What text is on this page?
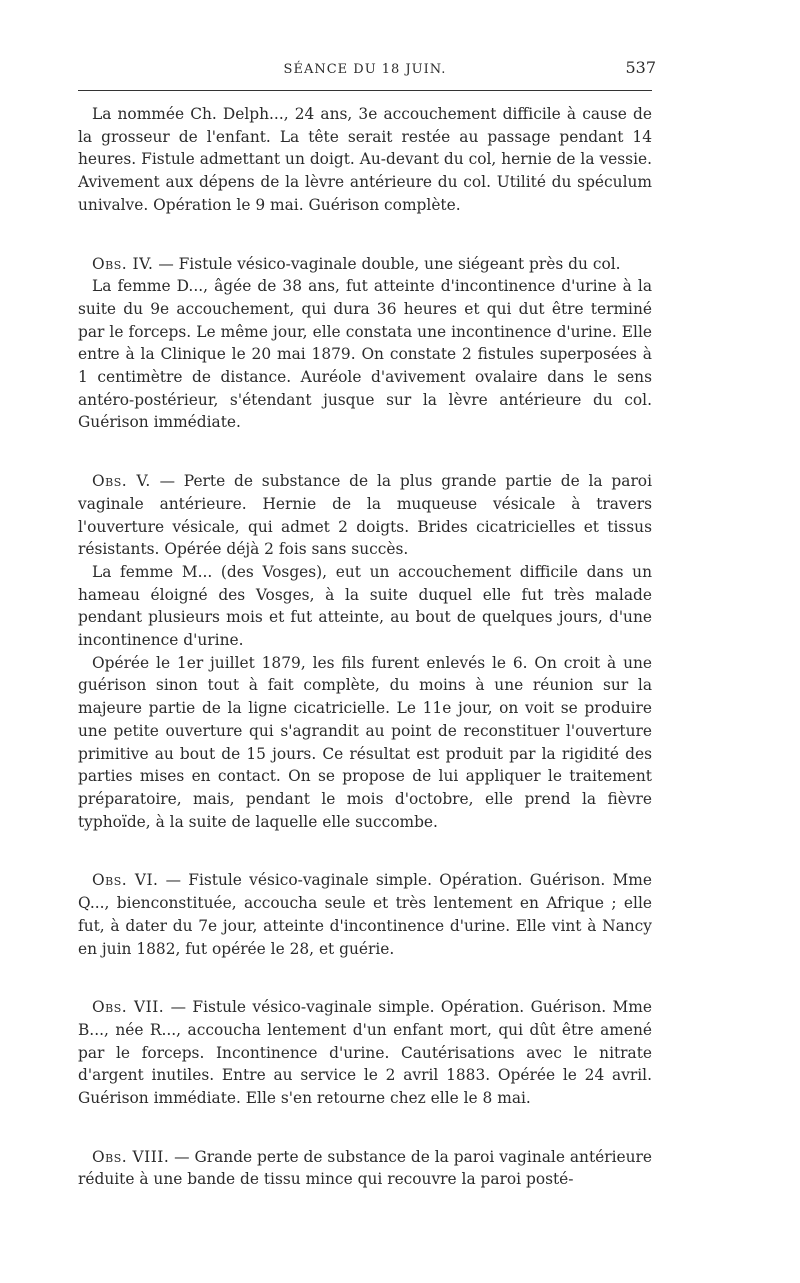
SÉANCE DU 18 JUIN.	537

La nommée Ch. Delph..., 24 ans, 3e accouchement difficile à cause de la grosseur de l'enfant. La tête serait restée au passage pendant 14 heures. Fistule admettant un doigt. Au-devant du col, hernie de la vessie. Avivement aux dépens de la lèvre antérieure du col. Utilité du spéculum univalve. Opération le 9 mai. Guérison complète.

Obs. IV. — Fistule vésico-vaginale double, une siégeant près du col.

La femme D..., âgée de 38 ans, fut atteinte d'incontinence d'urine à la suite du 9e accouchement, qui dura 36 heures et qui dut être terminé par le forceps. Le même jour, elle constata une incontinence d'urine. Elle entre à la Clinique le 20 mai 1879. On constate 2 fistules superposées à 1 centimètre de distance. Auréole d'avivement ovalaire dans le sens antéro-postérieur, s'étendant jusque sur la lèvre antérieure du col. Guérison immédiate.

Obs. V. — Perte de substance de la plus grande partie de la paroi vaginale antérieure. Hernie de la muqueuse vésicale à travers l'ouverture vésicale, qui admet 2 doigts. Brides cicatricielles et tissus résistants. Opérée déjà 2 fois sans succès.

La femme M... (des Vosges), eut un accouchement difficile dans un hameau éloigné des Vosges, à la suite duquel elle fut très malade pendant plusieurs mois et fut atteinte, au bout de quelques jours, d'une incontinence d'urine.

Opérée le 1er juillet 1879, les fils furent enlevés le 6. On croit à une guérison sinon tout à fait complète, du moins à une réunion sur la majeure partie de la ligne cicatricielle. Le 11e jour, on voit se produire une petite ouverture qui s'agrandit au point de reconstituer l'ouverture primitive au bout de 15 jours. Ce résultat est produit par la rigidité des parties mises en contact. On se propose de lui appliquer le traitement préparatoire, mais, pendant le mois d'octobre, elle prend la fièvre typhoïde, à la suite de laquelle elle succombe.

Obs. VI. — Fistule vésico-vaginale simple. Opération. Guérison. Mme Q..., bienconstituée, accoucha seule et très lentement en Afrique ; elle fut, à dater du 7e jour, atteinte d'incontinence d'urine. Elle vint à Nancy en juin 1882, fut opérée le 28, et guérie.

Obs. VII. — Fistule vésico-vaginale simple. Opération. Guérison. Mme B..., née R..., accoucha lentement d'un enfant mort, qui dût être amené par le forceps. Incontinence d'urine. Cautérisations avec le nitrate d'argent inutiles. Entre au service le 2 avril 1883. Opérée le 24 avril. Guérison immédiate. Elle s'en retourne chez elle le 8 mai.

Obs. VIII. — Grande perte de substance de la paroi vaginale antérieure réduite à une bande de tissu mince qui recouvre la paroi posté-
